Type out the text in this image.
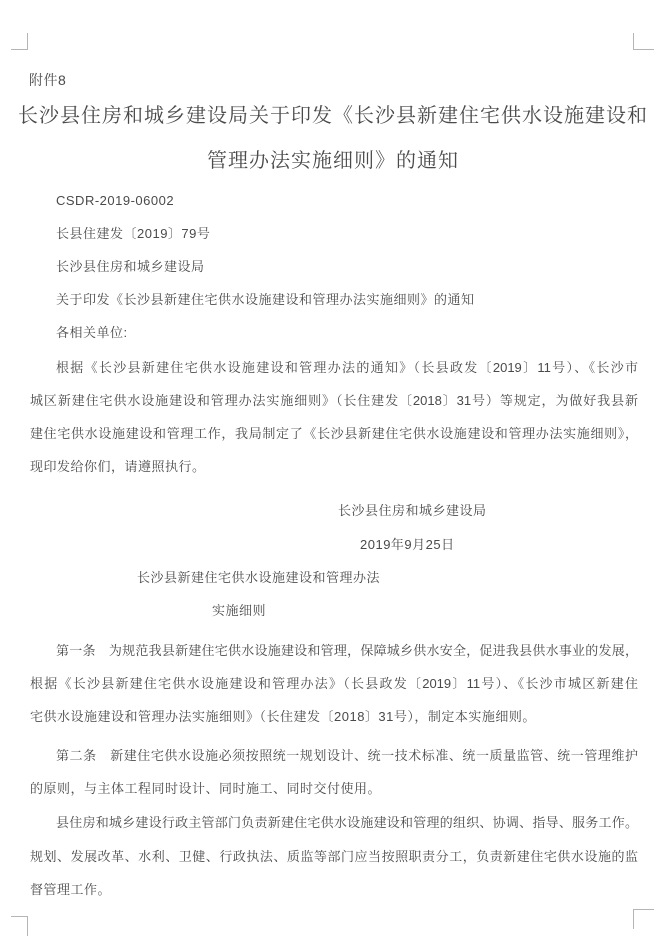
附件8
长沙县住房和城乡建设局关于印发《长沙县新建住宅供水设施建设和
管理办法实施细则》的通知
CSDR-2019-06002
长县住建发〔2019〕79号
长沙县住房和城乡建设局
关于印发《长沙县新建住宅供水设施建设和管理办法实施细则》的通知
各相关单位:
根据《长沙县新建住宅供水设施建设和管理办法的通知》（长县政发〔2019〕11号）、《长沙市
城区新建住宅供水设施建设和管理办法实施细则》（长住建发〔2018〕31号）等规定，为做好我县新
建住宅供水设施建设和管理工作，我局制定了《长沙县新建住宅供水设施建设和管理办法实施细则》，
现印发给你们，请遵照执行。
长沙县住房和城乡建设局
2019年9月25日
长沙县新建住宅供水设施建设和管理办法
实施细则
第一条　为规范我县新建住宅供水设施建设和管理，保障城乡供水安全，促进我县供水事业的发展，
根据《长沙县新建住宅供水设施建设和管理办法》（长县政发〔2019〕11号）、《长沙市城区新建住
宅供水设施建设和管理办法实施细则》（长住建发〔2018〕31号），制定本实施细则。
第二条　新建住宅供水设施必须按照统一规划设计、统一技术标准、统一质量监管、统一管理维护
的原则，与主体工程同时设计、同时施工、同时交付使用。
县住房和城乡建设行政主管部门负责新建住宅供水设施建设和管理的组织、协调、指导、服务工作。
规划、发展改革、水利、卫健、行政执法、质监等部门应当按照职责分工，负责新建住宅供水设施的监
督管理工作。
